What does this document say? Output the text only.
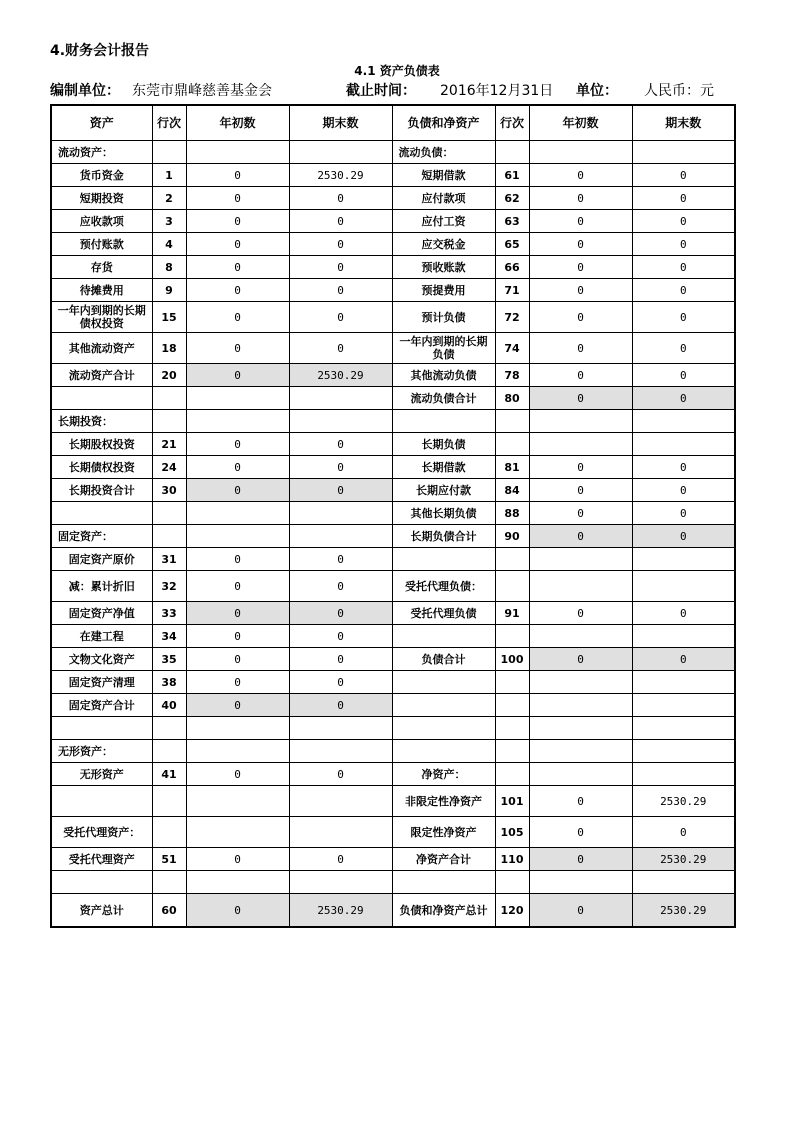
4.财务会计报告
4.1 资产负债表
编制单位： 东莞市鼎峰慈善基金会	截止时间： 2016年12月31日 单位： 人民币：元
资产	行次	年初数	期末数	负债和净资产	行次	年初数	期末数
流动资产：				流动负债：			
货币资金	1	0	2530.29	短期借款	61	0	0
短期投资	2	0	0	应付款项	62	0	0
应收款项	3	0	0	应付工资	63	0	0
预付账款	4	0	0	应交税金	65	0	0
存货	8	0	0	预收账款	66	0	0
待摊费用	9	0	0	预提费用	71	0	0
一年内到期的长期债权投资	15	0	0	预计负债	72	0	0
其他流动资产	18	0	0	一年内到期的长期负债	74	0	0
流动资产合计	20	0	2530.29	其他流动负债	78	0	0
				流动负债合计	80	0	0
长期投资：							
长期股权投资	21	0	0	长期负债			
长期债权投资	24	0	0	长期借款	81	0	0
长期投资合计	30	0	0	长期应付款	84	0	0
				其他长期负债	88	0	0
固定资产：				长期负债合计	90	0	0
固定资产原价	31	0	0				
减：累计折旧	32	0	0	受托代理负债：			
固定资产净值	33	0	0	受托代理负债	91	0	0
在建工程	34	0	0				
文物文化资产	35	0	0	负债合计	100	0	0
固定资产清理	38	0	0				
固定资产合计	40	0	0				

无形资产：							
无形资产	41	0	0	净资产：			
				非限定性净资产	101	0	2530.29
受托代理资产：				限定性净资产	105	0	0
受托代理资产	51	0	0	净资产合计	110	0	2530.29

资产总计	60	0	2530.29	负债和净资产总计	120	0	2530.29
